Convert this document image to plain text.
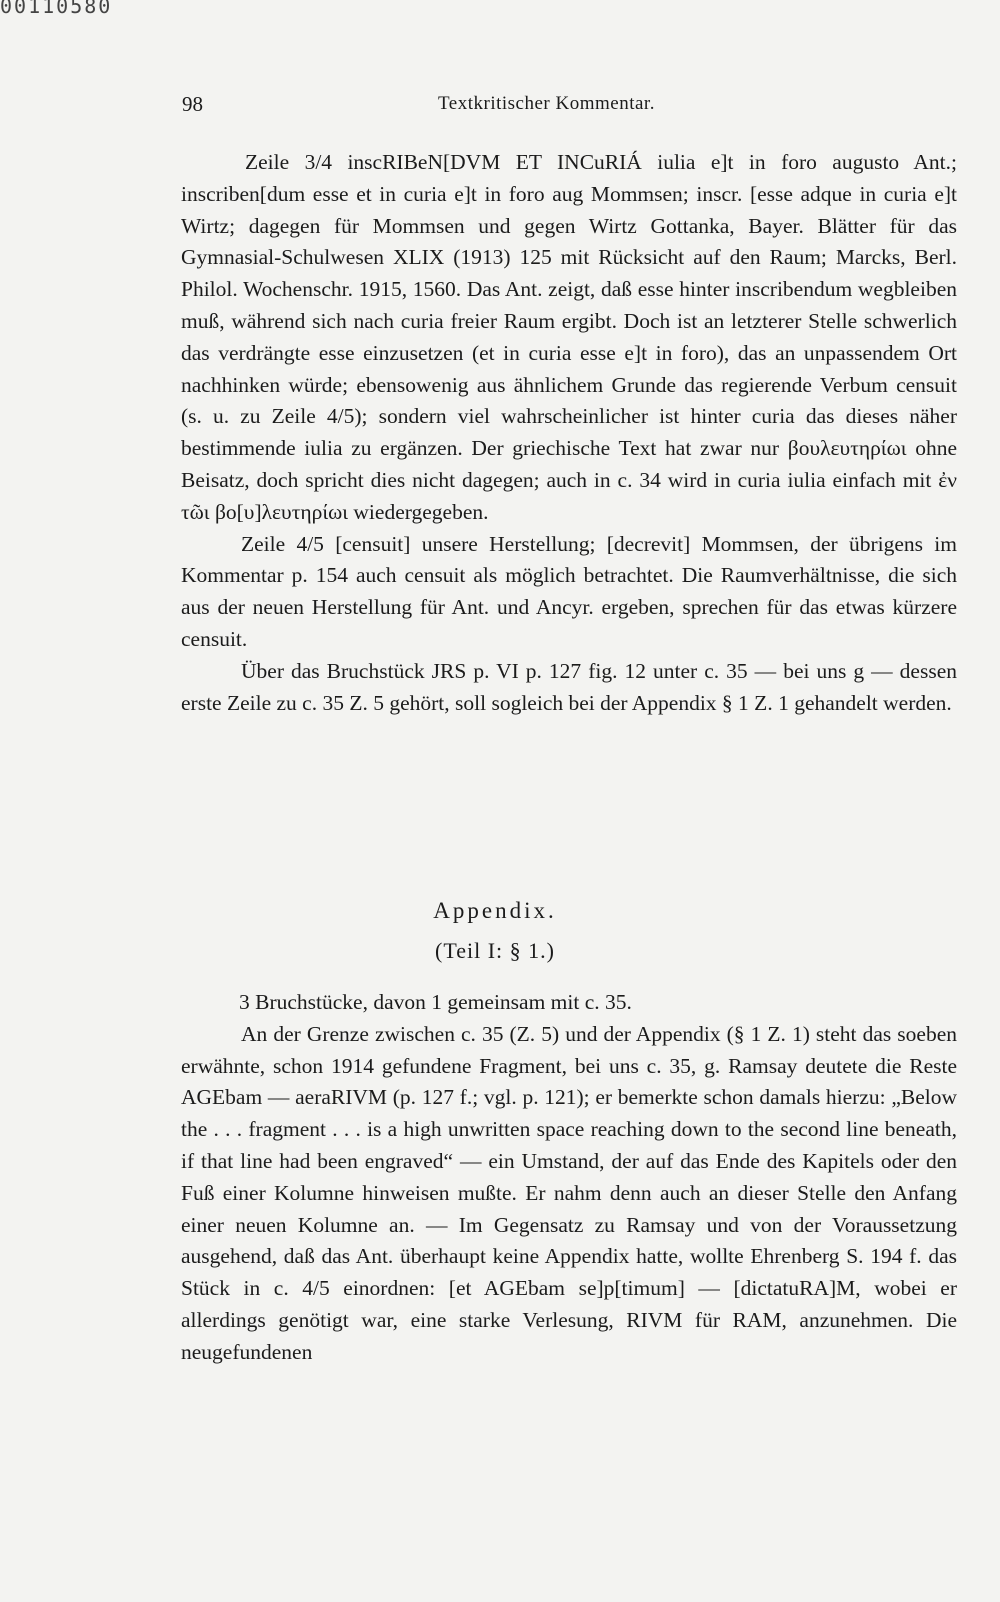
00110580
98	Textkritischer Kommentar.

Zeile 3/4 inscRIBeN[DVM ET INCuRIÁ iulia e]t in foro augusto Ant.; inscriben[dum esse et in curia e]t in foro aug Mommsen; inscr. [esse adque in curia e]t Wirtz; dagegen für Mommsen und gegen Wirtz Gottanka, Bayer. Blätter für das Gymnasial-Schulwesen XLIX (1913) 125 mit Rücksicht auf den Raum; Marcks, Berl. Philol. Wochenschr. 1915, 1560. Das Ant. zeigt, daß esse hinter inscribendum wegbleiben muß, während sich nach curia freier Raum ergibt. Doch ist an letzterer Stelle schwerlich das verdrängte esse einzusetzen (et in curia esse e]t in foro), das an unpassendem Ort nachhinken würde; ebensowenig aus ähnlichem Grunde das regierende Verbum censuit (s. u. zu Zeile 4/5); sondern viel wahrscheinlicher ist hinter curia das dieses näher bestimmende iulia zu ergänzen. Der griechische Text hat zwar nur βουλευτηρίωι ohne Beisatz, doch spricht dies nicht dagegen; auch in c. 34 wird in curia iulia einfach mit ἐν τῶι βο[υ]λευτηρίωι wiedergegeben.

Zeile 4/5 [censuit] unsere Herstellung; [decrevit] Mommsen, der übrigens im Kommentar p. 154 auch censuit als möglich betrachtet. Die Raumverhältnisse, die sich aus der neuen Herstellung für Ant. und Ancyr. ergeben, sprechen für das etwas kürzere censuit.

Über das Bruchstück JRS p. VI p. 127 fig. 12 unter c. 35 — bei uns g — dessen erste Zeile zu c. 35 Z. 5 gehört, soll sogleich bei der Appendix § 1 Z. 1 gehandelt werden.

Appendix.
(Teil I: § 1.)

3 Bruchstücke, davon 1 gemeinsam mit c. 35.

An der Grenze zwischen c. 35 (Z. 5) und der Appendix (§ 1 Z. 1) steht das soeben erwähnte, schon 1914 gefundene Fragment, bei uns c. 35, g. Ramsay deutete die Reste AGEbam — aeraRIVM (p. 127 f.; vgl. p. 121); er bemerkte schon damals hierzu: „Below the . . . fragment . . . is a high unwritten space reaching down to the second line beneath, if that line had been engraved“ — ein Umstand, der auf das Ende des Kapitels oder den Fuß einer Kolumne hinweisen mußte. Er nahm denn auch an dieser Stelle den Anfang einer neuen Kolumne an. — Im Gegensatz zu Ramsay und von der Voraussetzung ausgehend, daß das Ant. überhaupt keine Appendix hatte, wollte Ehrenberg S. 194 f. das Stück in c. 4/5 einordnen: [et AGEbam se]p[timum] — [dictatuRA]M, wobei er allerdings genötigt war, eine starke Verlesung, RIVM für RAM, anzunehmen. Die neugefundenen
